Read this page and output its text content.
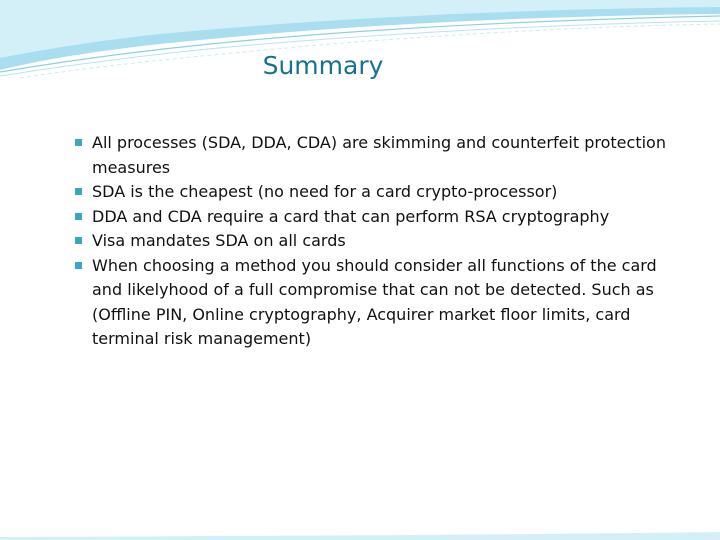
Summary
All processes (SDA, DDA, CDA) are skimming and counterfeit protection measures
SDA is the cheapest (no need for a card crypto-processor)
DDA and CDA require a card that can perform RSA cryptography
Visa mandates SDA on all cards
When choosing a method you should consider all functions of the card and likelyhood of a full compromise that can not be detected. Such as (Offline PIN, Online cryptography, Acquirer market floor limits, card terminal risk management)
